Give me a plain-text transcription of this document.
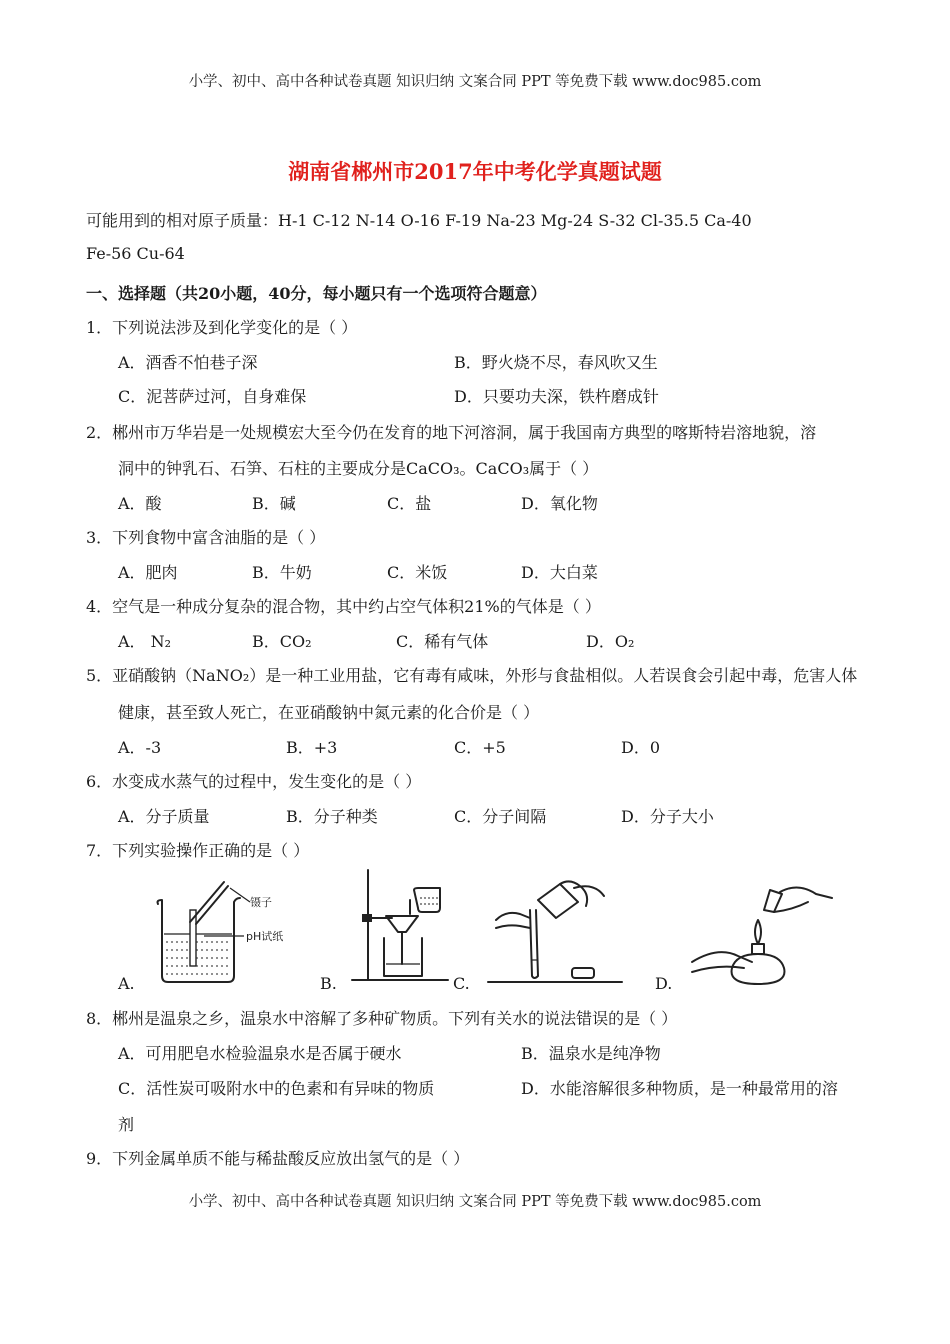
小学、初中、高中各种试卷真题 知识归纳 文案合同 PPT 等免费下载 www.doc985.com
湖南省郴州市2017年中考化学真题试题
可能用到的相对原子质量：H-1 C-12 N-14 O-16 F-19 Na-23 Mg-24 S-32 Cl-35.5 Ca-40
Fe-56 Cu-64
一、选择题（共20小题，40分，每小题只有一个选项符合题意）
1．下列说法涉及到化学变化的是（ ）
A．酒香不怕巷子深	B．野火烧不尽，春风吹又生
C．泥菩萨过河，自身难保	D．只要功夫深，铁杵磨成针
2．郴州市万华岩是一处规模宏大至今仍在发育的地下河溶洞，属于我国南方典型的喀斯特岩溶地貌，溶
洞中的钟乳石、石笋、石柱的主要成分是CaCO₃。CaCO₃属于（ ）
A．酸	B．碱	C．盐	D．氧化物
3．下列食物中富含油脂的是（ ）
A．肥肉	B．牛奶	C．米饭	D．大白菜
4．空气是一种成分复杂的混合物，其中约占空气体积21%的气体是（ ）
A． N₂	B．CO₂	C．稀有气体	D．O₂
5．亚硝酸钠（NaNO₂）是一种工业用盐，它有毒有咸味，外形与食盐相似。人若误食会引起中毒，危害人体
健康，甚至致人死亡，在亚硝酸钠中氮元素的化合价是（ ）
A．-3	B．+3	C．+5	D．0
6．水变成水蒸气的过程中，发生变化的是（ ）
A．分子质量	B．分子种类	C．分子间隔	D．分子大小
7．下列实验操作正确的是（ ）
A.	B.	C.	D.
镊子
pH试纸
8．郴州是温泉之乡，温泉水中溶解了多种矿物质。下列有关水的说法错误的是（ ）
A．可用肥皂水检验温泉水是否属于硬水	B．温泉水是纯净物
C．活性炭可吸附水中的色素和有异味的物质	D．水能溶解很多种物质，是一种最常用的溶
剂
9．下列金属单质不能与稀盐酸反应放出氢气的是（ ）
小学、初中、高中各种试卷真题 知识归纳 文案合同 PPT 等免费下载 www.doc985.com
